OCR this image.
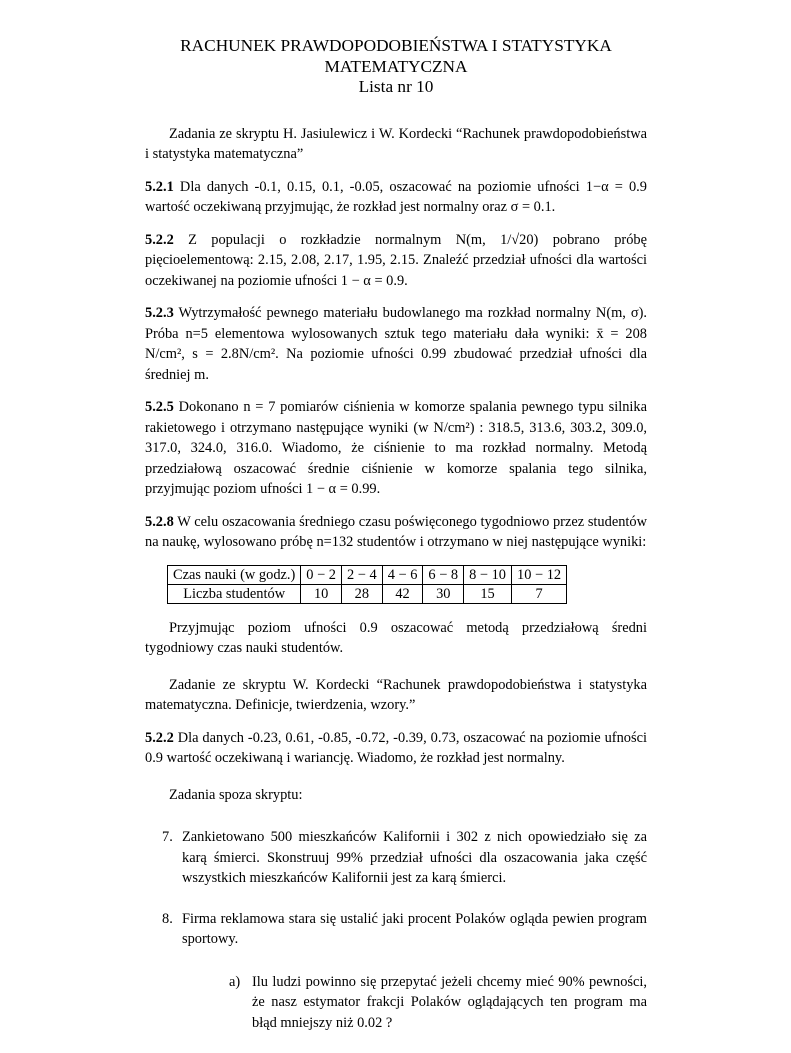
RACHUNEK PRAWDOPODOBIEŃSTWA I STATYSTYKA
MATEMATYCZNA
Lista nr 10

Zadania ze skryptu H. Jasiulewicz i W. Kordecki “Rachunek prawdopodobieństwa i statystyka matematyczna”

5.2.1 Dla danych -0.1, 0.15, 0.1, -0.05, oszacować na poziomie ufności 1−α = 0.9 wartość oczekiwaną przyjmując, że rozkład jest normalny oraz σ = 0.1.

5.2.2 Z populacji o rozkładzie normalnym N(m, 1/√20) pobrano próbę pięcioelementową: 2.15, 2.08, 2.17, 1.95, 2.15. Znaleźć przedział ufności dla wartości oczekiwanej na poziomie ufności 1 − α = 0.9.

5.2.3 Wytrzymałość pewnego materiału budowlanego ma rozkład normalny N(m, σ). Próba n=5 elementowa wylosowanych sztuk tego materiału dała wyniki: x̄ = 208 N/cm², s = 2.8N/cm². Na poziomie ufności 0.99 zbudować przedział ufności dla średniej m.

5.2.5 Dokonano n = 7 pomiarów ciśnienia w komorze spalania pewnego typu silnika rakietowego i otrzymano następujące wyniki (w N/cm²) : 318.5, 313.6, 303.2, 309.0, 317.0, 324.0, 316.0. Wiadomo, że ciśnienie to ma rozkład normalny. Metodą przedziałową oszacować średnie ciśnienie w komorze spalania tego silnika, przyjmując poziom ufności 1 − α = 0.99.

5.2.8 W celu oszacowania średniego czasu poświęconego tygodniowo przez studentów na naukę, wylosowano próbę n=132 studentów i otrzymano w niej następujące wyniki:

Czas nauki (w godz.)	0 − 2	2 − 4	4 − 6	6 − 8	8 − 10	10 − 12
Liczba studentów	10	28	42	30	15	7

Przyjmując poziom ufności 0.9 oszacować metodą przedziałową średni tygodniowy czas nauki studentów.

Zadanie ze skryptu W. Kordecki “Rachunek prawdopodobieństwa i statystyka matematyczna. Definicje, twierdzenia, wzory.”

5.2.2 Dla danych -0.23, 0.61, -0.85, -0.72, -0.39, 0.73, oszacować na poziomie ufności 0.9 wartość oczekiwaną i wariancję. Wiadomo, że rozkład jest normalny.

Zadania spoza skryptu:

7. Zankietowano 500 mieszkańców Kalifornii i 302 z nich opowiedziało się za karą śmierci. Skonstruuj 99% przedział ufności dla oszacowania jaka część wszystkich mieszkańców Kalifornii jest za karą śmierci.
8. Firma reklamowa stara się ustalić jaki procent Polaków ogląda pewien program sportowy.
a) Ilu ludzi powinno się przepytać jeżeli chcemy mieć 90% pewności, że nasz estymator frakcji Polaków oglądających ten program ma błąd mniejszy niż 0.02 ?
